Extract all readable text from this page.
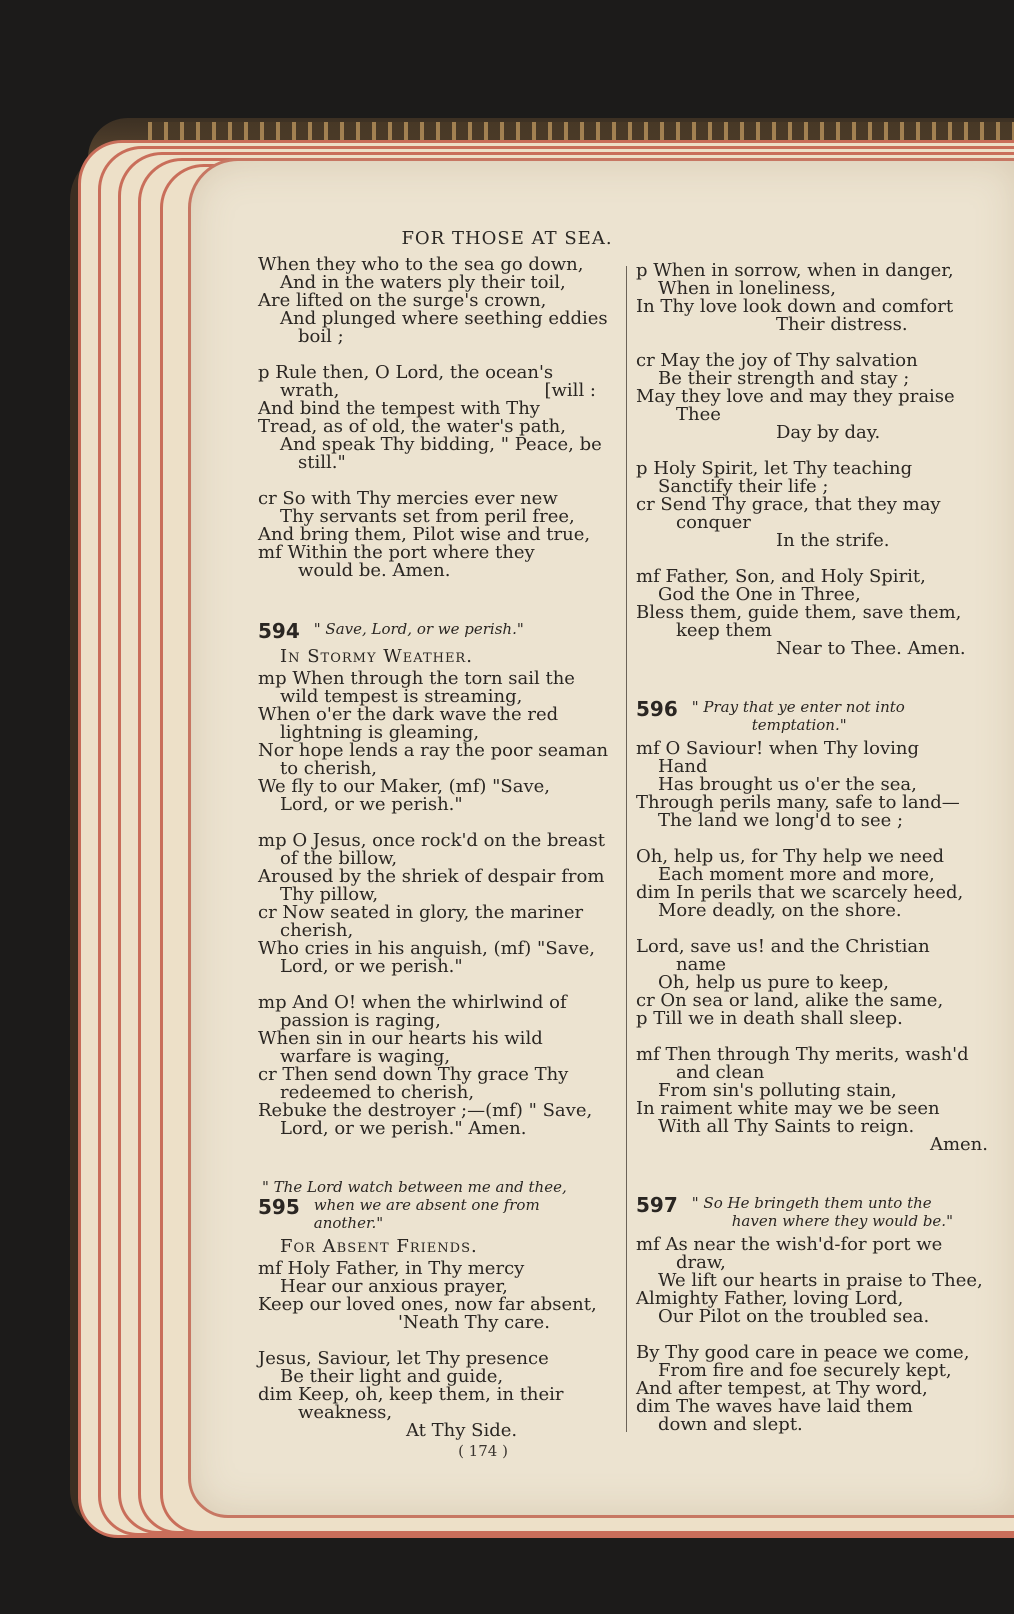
FOR THOSE AT SEA.
When they who to the sea go down,
And in the waters ply their toil,
Are lifted on the surge's crown,
And plunged where seething eddies
boil ;
p Rule then, O Lord, the ocean's
wrath,	[will :
And bind the tempest with Thy
Tread, as of old, the water's path,
And speak Thy bidding, " Peace, be
still."
cr So with Thy mercies ever new
Thy servants set from peril free,
And bring them, Pilot wise and true,
mf Within the port where they
would be. Amen.
594 " Save, Lord, or we perish."
In Stormy Weather.
mp When through the torn sail the
wild tempest is streaming,
When o'er the dark wave the red
lightning is gleaming,
Nor hope lends a ray the poor seaman
to cherish,
We fly to our Maker, (mf) "Save,
Lord, or we perish."
mp O Jesus, once rock'd on the breast
of the billow,
Aroused by the shriek of despair from
Thy pillow,
cr Now seated in glory, the mariner
cherish,
Who cries in his anguish, (mf) "Save,
Lord, or we perish."
mp And O! when the whirlwind of
passion is raging,
When sin in our hearts his wild
warfare is waging,
cr Then send down Thy grace Thy
redeemed to cherish,
Rebuke the destroyer ;—(mf) " Save,
Lord, or we perish." Amen.
" The Lord watch between me and thee,
595 when we are absent one from
another."
For Absent Friends.
mf Holy Father, in Thy mercy
Hear our anxious prayer,
Keep our loved ones, now far absent,
'Neath Thy care.
Jesus, Saviour, let Thy presence
Be their light and guide,
dim Keep, oh, keep them, in their
weakness,
At Thy Side.
p When in sorrow, when in danger,
When in loneliness,
In Thy love look down and comfort
Their distress.
cr May the joy of Thy salvation
Be their strength and stay ;
May they love and may they praise
Thee
Day by day.
p Holy Spirit, let Thy teaching
Sanctify their life ;
cr Send Thy grace, that they may
conquer
In the strife.
mf Father, Son, and Holy Spirit,
God the One in Three,
Bless them, guide them, save them,
keep them
Near to Thee. Amen.
596 " Pray that ye enter not into
temptation."
mf O Saviour! when Thy loving
Hand
Has brought us o'er the sea,
Through perils many, safe to land—
The land we long'd to see ;
Oh, help us, for Thy help we need
Each moment more and more,
dim In perils that we scarcely heed,
More deadly, on the shore.
Lord, save us! and the Christian
name
Oh, help us pure to keep,
cr On sea or land, alike the same,
p Till we in death shall sleep.
mf Then through Thy merits, wash'd
and clean
From sin's polluting stain,
In raiment white may we be seen
With all Thy Saints to reign.
Amen.
597 " So He bringeth them unto the
haven where they would be."
mf As near the wish'd-for port we
draw,
We lift our hearts in praise to Thee,
Almighty Father, loving Lord,
Our Pilot on the troubled sea.
By Thy good care in peace we come,
From fire and foe securely kept,
And after tempest, at Thy word,
dim The waves have laid them
down and slept.
( 174 )
